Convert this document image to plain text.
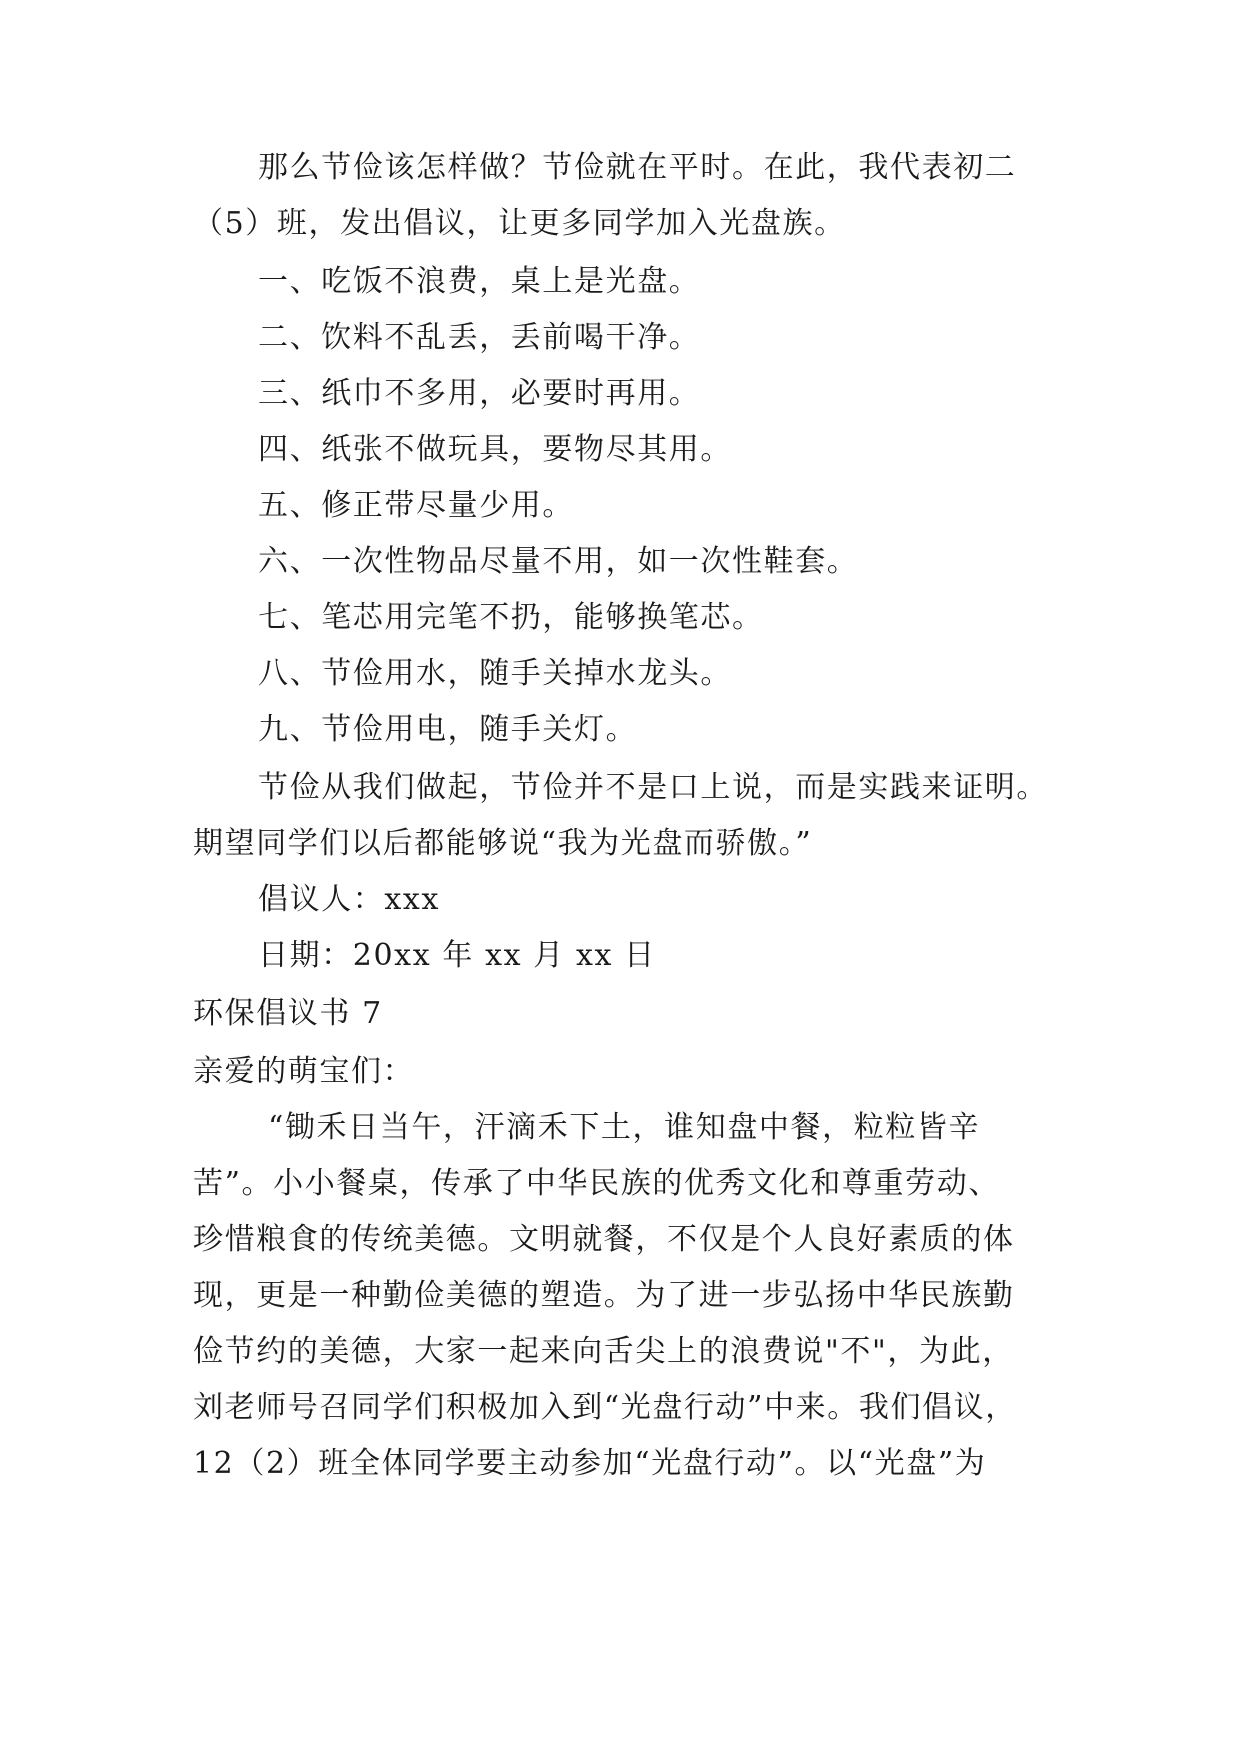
那么节俭该怎样做？节俭就在平时。在此，我代表初二
（5）班，发出倡议，让更多同学加入光盘族。
一、吃饭不浪费，桌上是光盘。
二、饮料不乱丢，丢前喝干净。
三、纸巾不多用，必要时再用。
四、纸张不做玩具，要物尽其用。
五、修正带尽量少用。
六、一次性物品尽量不用，如一次性鞋套。
七、笔芯用完笔不扔，能够换笔芯。
八、节俭用水，随手关掉水龙头。
九、节俭用电，随手关灯。
节俭从我们做起，节俭并不是口上说，而是实践来证明。
期望同学们以后都能够说“我为光盘而骄傲。”
倡议人：xxx
日期：20xx 年 xx 月 xx 日
环保倡议书 7
亲爱的萌宝们：
“锄禾日当午，汗滴禾下土，谁知盘中餐，粒粒皆辛
苦”。小小餐桌，传承了中华民族的优秀文化和尊重劳动、
珍惜粮食的传统美德。文明就餐，不仅是个人良好素质的体
现，更是一种勤俭美德的塑造。为了进一步弘扬中华民族勤
俭节约的美德，大家一起来向舌尖上的浪费说"不"，为此，
刘老师号召同学们积极加入到“光盘行动”中来。我们倡议，
12（2）班全体同学要主动参加“光盘行动”。以“光盘”为
